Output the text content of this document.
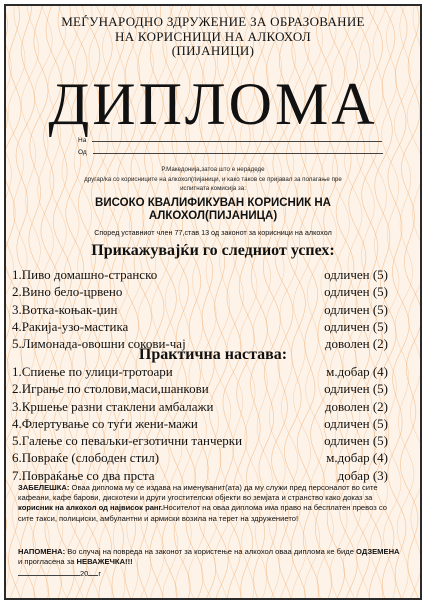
МЕЃУНАРОДНО ЗДРУЖЕНИЕ ЗА ОБРАЗОВАНИЕ
НА КОРИСНИЦИ НА АЛКОХОЛ
(ПИЈАНИЦИ)
ДИПЛОМА
На
Од
Р.Македонија,затоа што е нерадеде
другар/ка со корисниците на алкохол(пијаници, и како таков се пријавал за полагање пре
испитната комисија за:
ВИСОКО КВАЛИФИКУВАН КОРИСНИК НА
АЛКОХОЛ(ПИЈАНИЦА)
Според уставниот член 77,став 13 од законот за корисници на алкохол
Прикажувајќи го следниот успех:
1.Пиво домашно-странско	одличен (5)
2.Вино бело-црвено	одличен (5)
3.Вотка-коњак-џин	одличен (5)
4.Ракија-узо-мастика	одличен (5)
5.Лимонада-овошни сокови-чај	доволен (2)
Практична настава:
1.Спиење по улици-тротоари	м.добар (4)
2.Играње по столови,маси,шанкови	одличен (5)
3.Кршење разни стаклени амбалажи	доволен (2)
4.Флертување со туѓи жени-мажи	одличен (5)
5.Галење со певаљки-егзотични танчерки	одличен (5)
6.Повраќе (слободен стил)	м.добар (4)
7.Повраќање со два прста	добар (3)
ЗАБЕЛЕШКА: Оваа диплома му се издава на именуванит(ата) да му служи пред персоналот во сите кафеани, кафе барови, дискотеки и други угостителски објекти во земјата и странство како доказ за корисник на алкохол од највисок ранг.Носителот на оваа диплома има право на бесплатен превоз со сите такси, полициски, амбулантни и армиски возила на терет на здружението!
НАПОМЕНА: Во случај на повреда на законот за користење на алкохол оваа диплома ке биде ОДЗЕМЕНА и прогласена за НЕВАЖЕЧКА!!!
20 г
